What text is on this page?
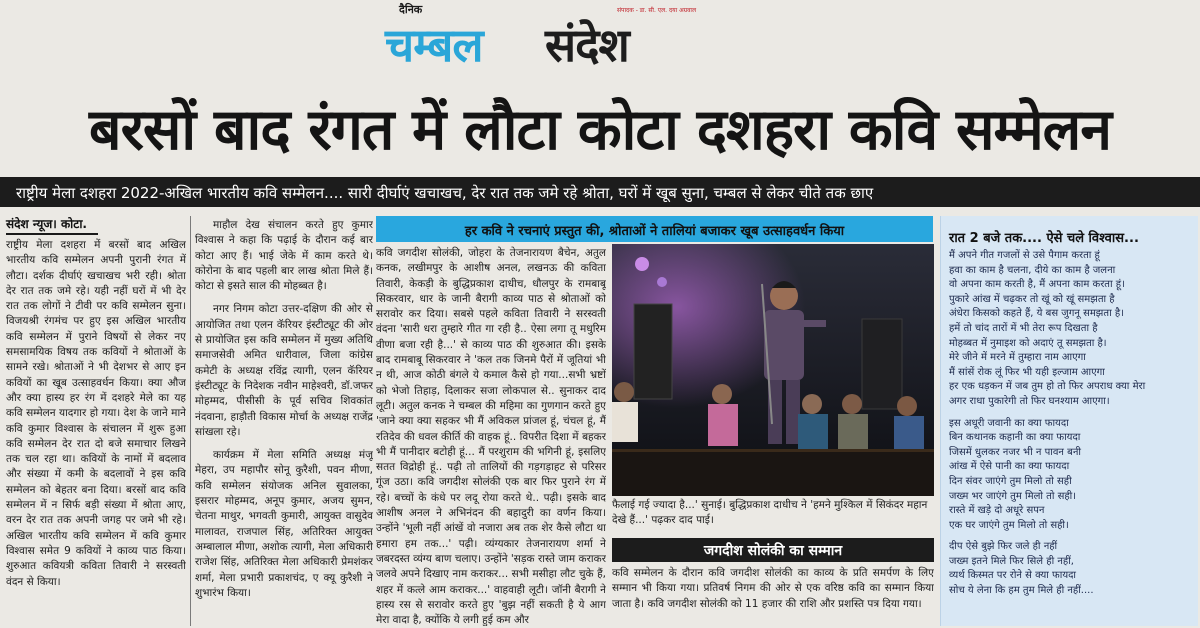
दैनिक
चम्बल संदेश
संपादक - डा. सी. एल. दया अग्रवाल
बरसों बाद रंगत में लौटा कोटा दशहरा कवि सम्मेलन
राष्ट्रीय मेला दशहरा 2022-अखिल भारतीय कवि सम्मेलन.... सारी दीर्घाएं खचाखच, देर रात तक जमे रहे श्रोता, घरों में खूब सुना, चम्बल से लेकर चीते तक छाए
संदेश न्यूज। कोटा.

राष्ट्रीय मेला दशहरा में बरसों बाद अखिल भारतीय कवि सम्मेलन अपनी पुरानी रंगत में लौटा। दर्शक दीर्घाएं खचाखच भरी रही। श्रोता देर रात तक जमे रहे। यही नहीं घरों में भी देर रात तक लोगों ने टीवी पर कवि सम्मेलन सुना। विजयश्री रंगमंच पर हुए इस अखिल भारतीय कवि सम्मेलन में पुराने विषयों से लेकर नए समसामयिक विषय तक कवियों ने श्रोताओं के सामने रखे। श्रोताओं ने भी देशभर से आए इन कवियों का खूब उत्साहवर्धन किया। क्या औज और क्या हास्य हर रंग में दशहरे मेले का यह कवि सम्मेलन यादगार हो गया। देश के जाने माने कवि कुमार विश्वास के संचालन में शुरू हुआ कवि सम्मेलन देर रात दो बजे समाचार लिखने तक चल रहा था। कवियों के नामों में बदलाव और संख्या में कमी के बदलावों ने इस कवि सम्मेलन को बेहतर बना दिया। बरसों बाद कवि सम्मेलन में न सिर्फ बड़ी संख्या में श्रोता आए, वरन देर रात तक अपनी जगह पर जमे भी रहे। अखिल भारतीय कवि सम्मेलन में कवि कुमार विश्वास समेत 9 कवियों ने काव्य पाठ किया। शुरुआत कवियत्री कविता तिवारी ने सरस्वती वंदन से किया।

माहौल देख संचालन करते हुए कुमार विश्वास ने कहा कि पढ़ाई के दौरान कई बार कोटा आए हैं। भाई जेके में काम करते थे। कोरोना के बाद पहली बार लाख श्रोता मिले हैं। कोटा से इसते साल की मोहब्बत है।

नगर निगम कोटा उत्तर-दक्षिण की ओर से आयोजित तथा एलन कॅरियर इंस्टीट्यूट की ओर से प्रायोजित इस कवि सम्मेलन में मुख्य अतिथि समाजसेवी अमित धारीवाल, जिला कांग्रेस कमेटी के अध्यक्ष रविंद्र त्यागी, एलन कॅरियर इंस्टीट्यूट के निदेशक नवीन माहेश्वरी, डॉ.जफर मोहम्मद, पीसीसी के पूर्व सचिव शिवकांत नंदवाना, हाड़ौती विकास मोर्चा के अध्यक्ष राजेंद्र सांखला रहे।

कार्यक्रम में मेला समिति अध्यक्ष मंजू मेहरा, उप महापौर सोनू कुरैशी, पवन मीणा, कवि सम्मेलन संयोजक अनिल सुवालका, इसरार मोहम्मद, अनूप कुमार, अजय सुमन, चेतना माथुर, भगवती कुमारी, आयुक्त वासुदेव मालावत, राजपाल सिंह, अतिरिक्त आयुक्त अम्बालाल मीणा, अशोक त्यागी, मेला अधिकारी राजेश सिंह, अतिरिक्त मेला अधिकारी प्रेमशंकर शर्मा, मेला प्रभारी प्रकाशचंद, ए क्यू कुरैशी ने शुभारंभ किया।

हर कवि ने रचनाएं प्रस्तुत की, श्रोताओं ने तालियां बजाकर खूब उत्साहवर्धन किया

कवि जगदीश सोलंकी, जोहरा के तेजनारायण बैचेन, अतुल कनक, लखीमपुर के आशीष अनल, लखनऊ की कविता तिवारी, केकड़ी के बुद्धिप्रकाश दाधीच, धौलपुर के रामबाबू सिकरवार, धार के जानी बैरागी काव्य पाठ से श्रोताओं को सरावोर कर दिया। सबसे पहले कविता तिवारी ने सरस्वती वंदना 'सारी धरा तुम्हारे गीत गा रही है.. ऐसा लगा तू मधुरिम वीणा बजा रही है...' से काव्य पाठ की शुरुआत की। इसके बाद रामबाबू सिकरवार ने 'कल तक जिनमे पैरों में जूतियां भी न थी, आज कोठी बंगले ये कमाल कैसे हो गया...सभी भ्रष्टों को भेजो तिहाड़, दिलाकर सजा लोकपाल से.. सुनाकर दाद लूटी। अतुल कनक ने चम्बल की महिमा का गुणगान करते हुए 'जाने क्या क्या सहकर भी मैं अविकल प्रांजल हूं, चंचल हूं, मैं रतिदेव की धवल कीर्ति की वाहक हूं.. विपरीत दिशा में बहकर भी मैं पानीदार बटोही हूं... मैं परशुराम की भगिनी हूं, इसलिए सतत विद्रोही हूं.. पढ़ी तो तालियों की गड़गड़ाहट से परिसर गूंज उठा। कवि जगदीश सोलंकी एक बार फिर पुराने रंग में रहे। बच्चों के कंधे पर लदू रोया करते थे.. पढ़ी। इसके बाद आशीष अनल ने अभिनंदन की बहादुरी का वर्णन किया। उन्होंने 'भूली नहीं आंखें वो नजारा अब तक शेर कैसे लौटा था हमारा हम तक...' पढ़ी। व्यंग्यकार तेजनारायण शर्मा ने जबरदस्त व्यंग्य बाण चलाए। उन्होंने 'सड़क रास्ते जाम कराकर जलवे अपने दिखाए नाम कराकर... सभी मसीहा लौट चुके हैं, शहर में कत्ले आम कराकर...' वाहवाही लूटी। जॉनी बैरागी ने हास्य रस से सरावोर करते हुए 'बुझ नहीं सकती है ये आग मेरा वादा है, क्योंकि ये लगी हुई कम और

फैलाई गई ज्यादा है...' सुनाई। बुद्धिप्रकाश दाधीच ने 'हमने मुश्किल में सिकंदर महान देखे हैं...' पढ़कर दाद पाई।
जगदीश सोलंकी का सम्मान

कवि सम्मेलन के दौरान कवि जगदीश सोलंकी का काव्य के प्रति समर्पण के लिए सम्मान भी किया गया। प्रतिवर्ष निगम की ओर से एक वरिष्ठ कवि का सम्मान किया जाता है। कवि जगदीश सोलंकी को 11 हजार की राशि और प्रशस्ति पत्र दिया गया।

रात 2 बजे तक.... ऐसे चले विश्वास...
मैं अपने गीत गजलों से उसे पैगाम करता हूं
हवा का काम है चलना, दीये का काम है जलना
वो अपना काम करती है, मैं अपना काम करता हूं।
पुकारे आंख में चढ़कर तो खूं को खूं समझता है
अंधेरा किसको कहते हैं, ये बस जुगनू समझता है।
हमें तो चांद तारों में भी तेरा रूप दिखता है
मोहब्बत में नुमाइश को अदाएं तू समझता है।
मेरे जीने में मरने में तुम्हारा नाम आएगा
मैं सांसें रोक लूं फिर भी यही इल्जाम आएगा
हर एक धड़कन में जब तुम हो तो फिर अपराध क्या मेरा
अगर राधा पुकारेगी तो फिर घनश्याम आएगा।
इस अधूरी जवानी का क्या फायदा
बिन कथानक कहानी का क्या फायदा
जिसमें धुलकर नजर भी न पावन बनी
आंख में ऐसे पानी का क्या फायदा
दिन संवर जाएंगे तुम मिलो तो सही
जख्म भर जाएंगे तुम मिलो तो सही।
रास्ते में खड़े दो अधूरे सपन
एक घर जाएंगे तुम मिलो तो सही।
दीप ऐसे बुझे फिर जले ही नहीं
जख्म इतने मिले फिर सिले ही नहीं,
व्यर्थ किस्मत पर रोने से क्या फायदा
सोच ये लेना कि हम तुम मिले ही नहीं....
